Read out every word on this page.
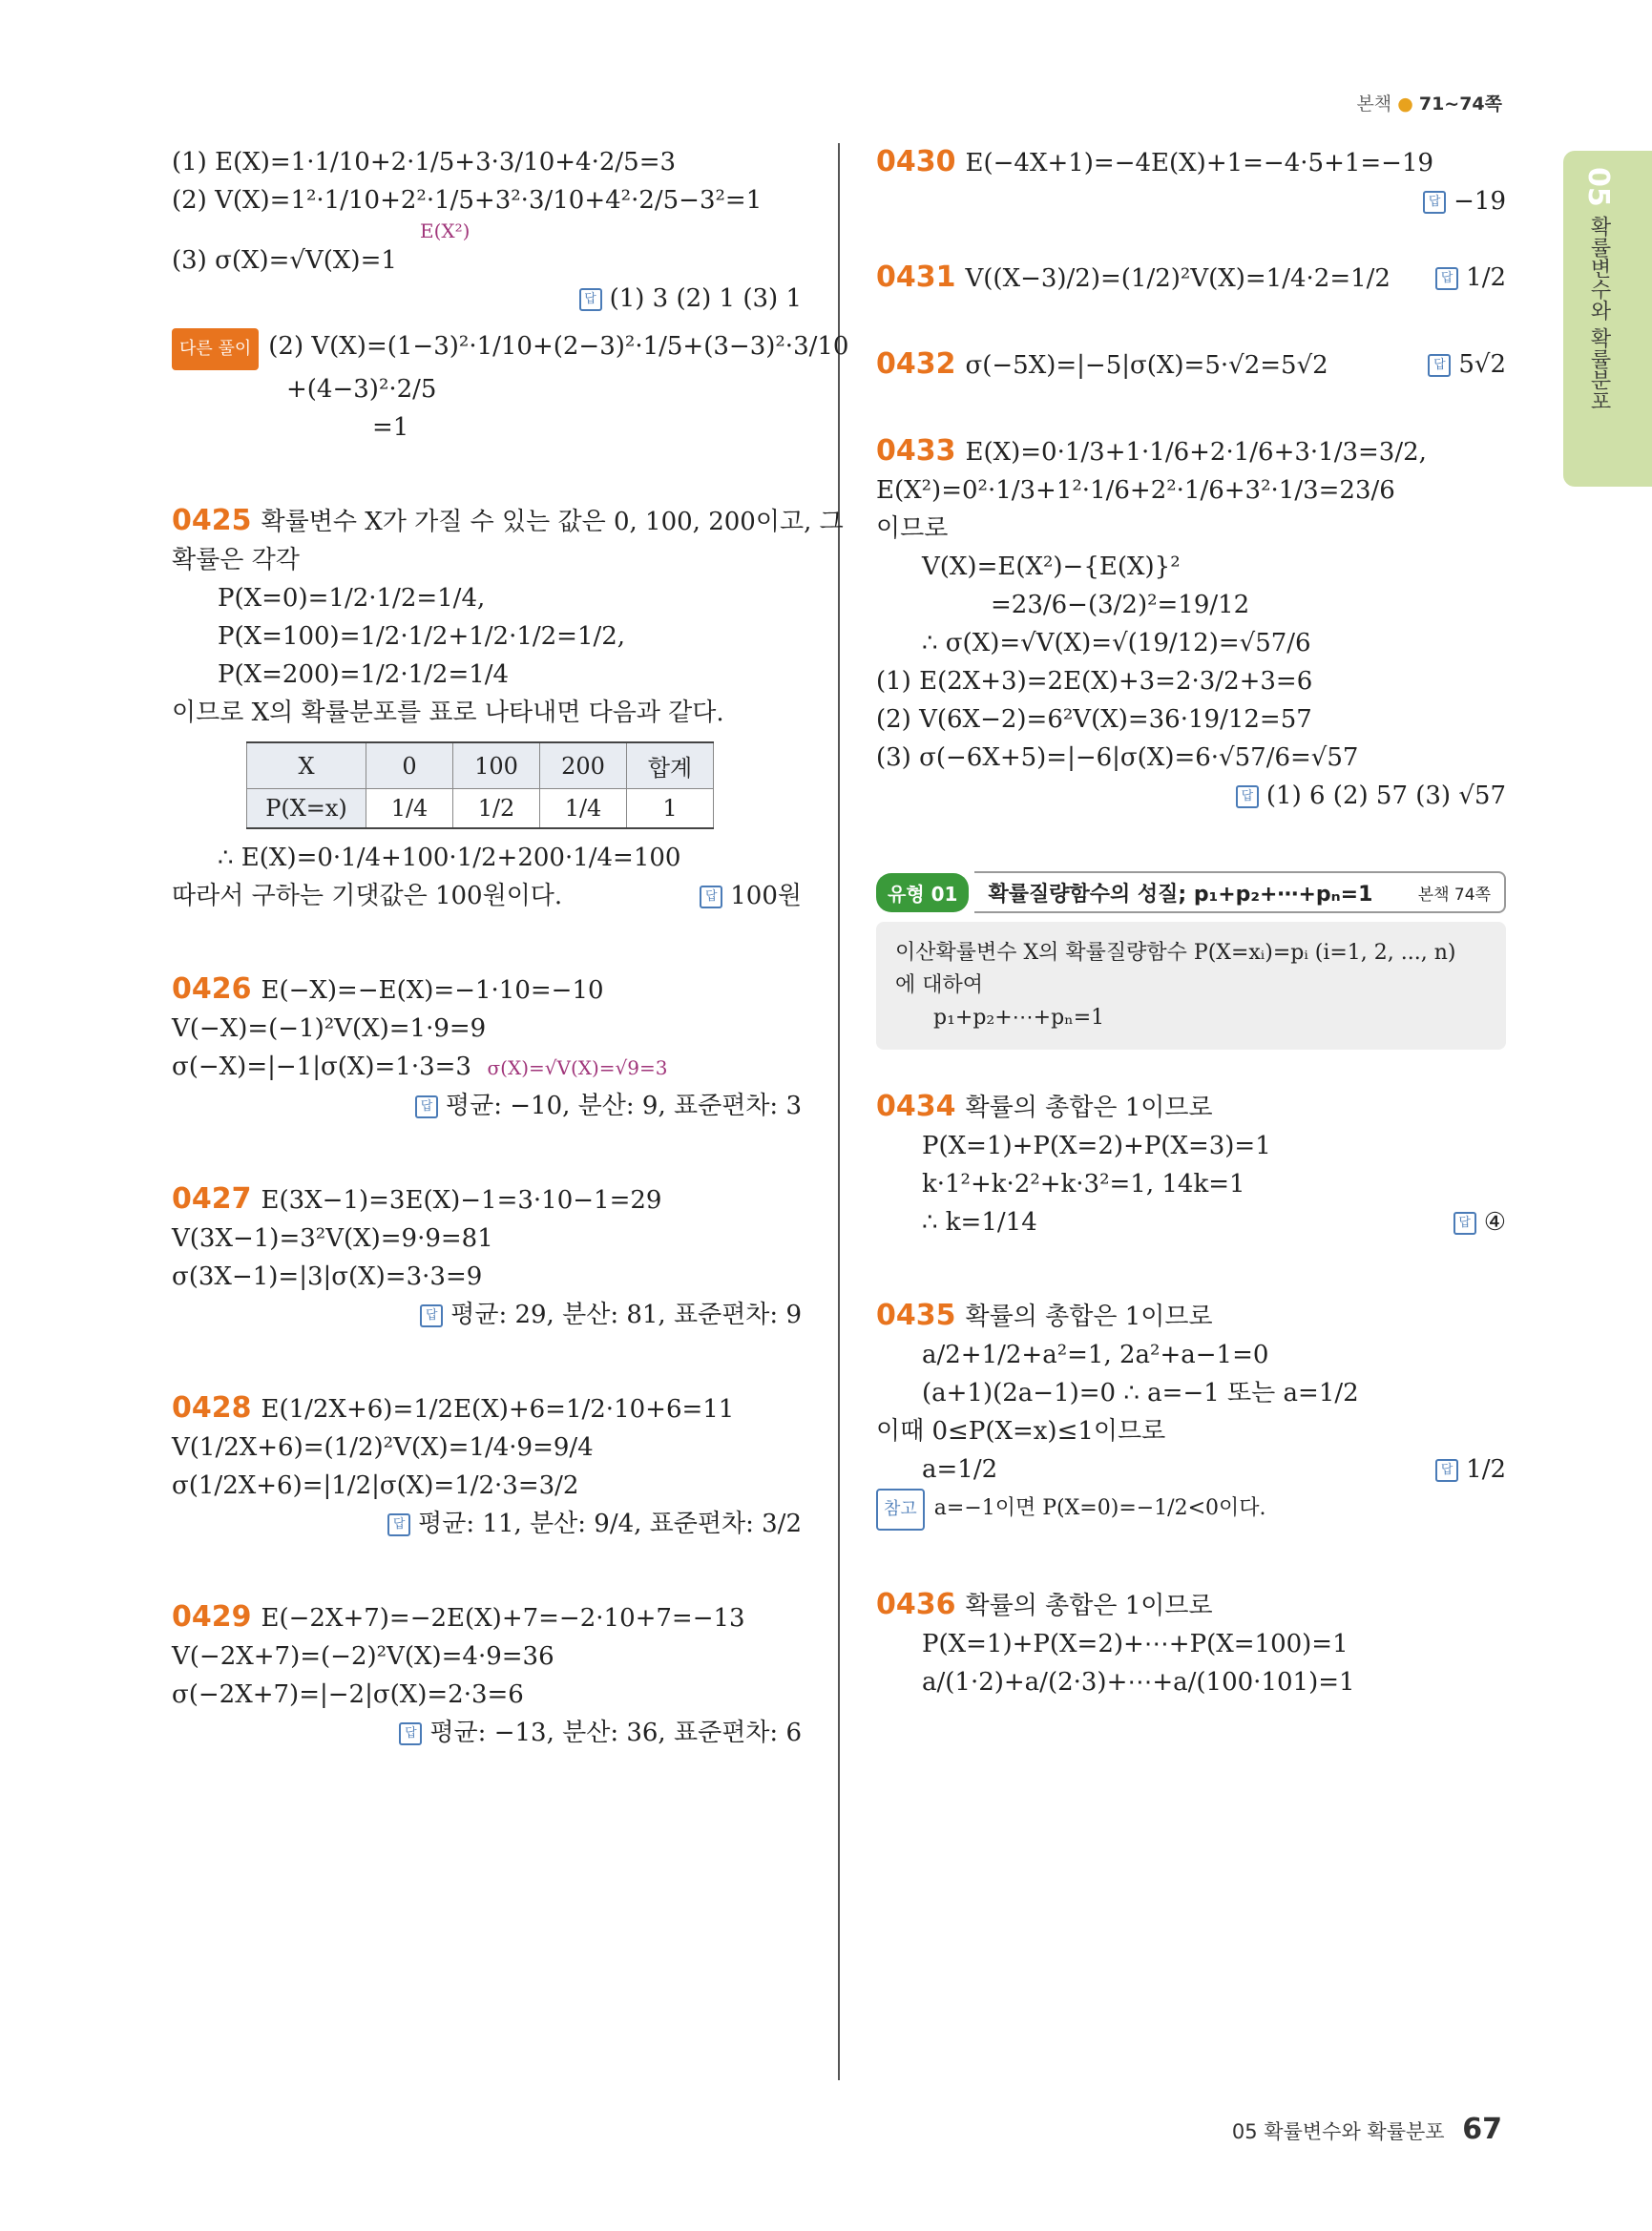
본책 ● 71~74쪽
05
확률변수와 확률분포
(1) E(X)=1·1/10+2·1/5+3·3/10+4·2/5=3
(2) V(X)=1²·1/10+2²·1/5+3²·3/10+4²·2/5−3²=1
E(X²)
(3) σ(X)=√V(X)=1
답 (1) 3 (2) 1 (3) 1
다른 풀이 (2) V(X)=(1−3)²·1/10+(2−3)²·1/5+(3−3)²·3/10
+(4−3)²·2/5
=1
0425 확률변수 X가 가질 수 있는 값은 0, 100, 200이고, 그
확률은 각각
P(X=0)=1/2·1/2=1/4,
P(X=100)=1/2·1/2+1/2·1/2=1/2,
P(X=200)=1/2·1/2=1/4
이므로 X의 확률분포를 표로 나타내면 다음과 같다.
X	0	100	200	합계
P(X=x)	1/4	1/2	1/4	1
∴ E(X)=0·1/4+100·1/2+200·1/4=100
따라서 구하는 기댓값은 100원이다.	답 100원
0426 E(−X)=−E(X)=−1·10=−10
V(−X)=(−1)²V(X)=1·9=9
σ(−X)=|−1|σ(X)=1·3=3 σ(X)=√V(X)=√9=3
답 평균: −10, 분산: 9, 표준편차: 3
0427 E(3X−1)=3E(X)−1=3·10−1=29
V(3X−1)=3²V(X)=9·9=81
σ(3X−1)=|3|σ(X)=3·3=9
답 평균: 29, 분산: 81, 표준편차: 9
0428 E(1/2X+6)=1/2E(X)+6=1/2·10+6=11
V(1/2X+6)=(1/2)²V(X)=1/4·9=9/4
σ(1/2X+6)=|1/2|σ(X)=1/2·3=3/2
답 평균: 11, 분산: 9/4, 표준편차: 3/2
0429 E(−2X+7)=−2E(X)+7=−2·10+7=−13
V(−2X+7)=(−2)²V(X)=4·9=36
σ(−2X+7)=|−2|σ(X)=2·3=6
답 평균: −13, 분산: 36, 표준편차: 6
0430 E(−4X+1)=−4E(X)+1=−4·5+1=−19
답 −19
0431 V((X−3)/2)=(1/2)²V(X)=1/4·2=1/2	답 1/2
0432 σ(−5X)=|−5|σ(X)=5·√2=5√2	답 5√2
0433 E(X)=0·1/3+1·1/6+2·1/6+3·1/3=3/2,
E(X²)=0²·1/3+1²·1/6+2²·1/6+3²·1/3=23/6
이므로
V(X)=E(X²)−{E(X)}²
=23/6−(3/2)²=19/12
∴ σ(X)=√V(X)=√(19/12)=√57/6
(1) E(2X+3)=2E(X)+3=2·3/2+3=6
(2) V(6X−2)=6²V(X)=36·19/12=57
(3) σ(−6X+5)=|−6|σ(X)=6·√57/6=√57
답 (1) 6 (2) 57 (3) √57
유형 01	확률질량함수의 성질; p₁+p₂+⋯+pₙ=1	본책 74쪽
이산확률변수 X의 확률질량함수 P(X=xᵢ)=pᵢ (i=1, 2, ..., n)
에 대하여
p₁+p₂+⋯+pₙ=1
0434 확률의 총합은 1이므로
P(X=1)+P(X=2)+P(X=3)=1
k·1²+k·2²+k·3²=1, 14k=1
∴ k=1/14	답 ④
0435 확률의 총합은 1이므로
a/2+1/2+a²=1, 2a²+a−1=0
(a+1)(2a−1)=0 ∴ a=−1 또는 a=1/2
이때 0≤P(X=x)≤1이므로
a=1/2	답 1/2
참고 a=−1이면 P(X=0)=−1/2<0이다.
0436 확률의 총합은 1이므로
P(X=1)+P(X=2)+⋯+P(X=100)=1
a/(1·2)+a/(2·3)+⋯+a/(100·101)=1
05 확률변수와 확률분포 67
